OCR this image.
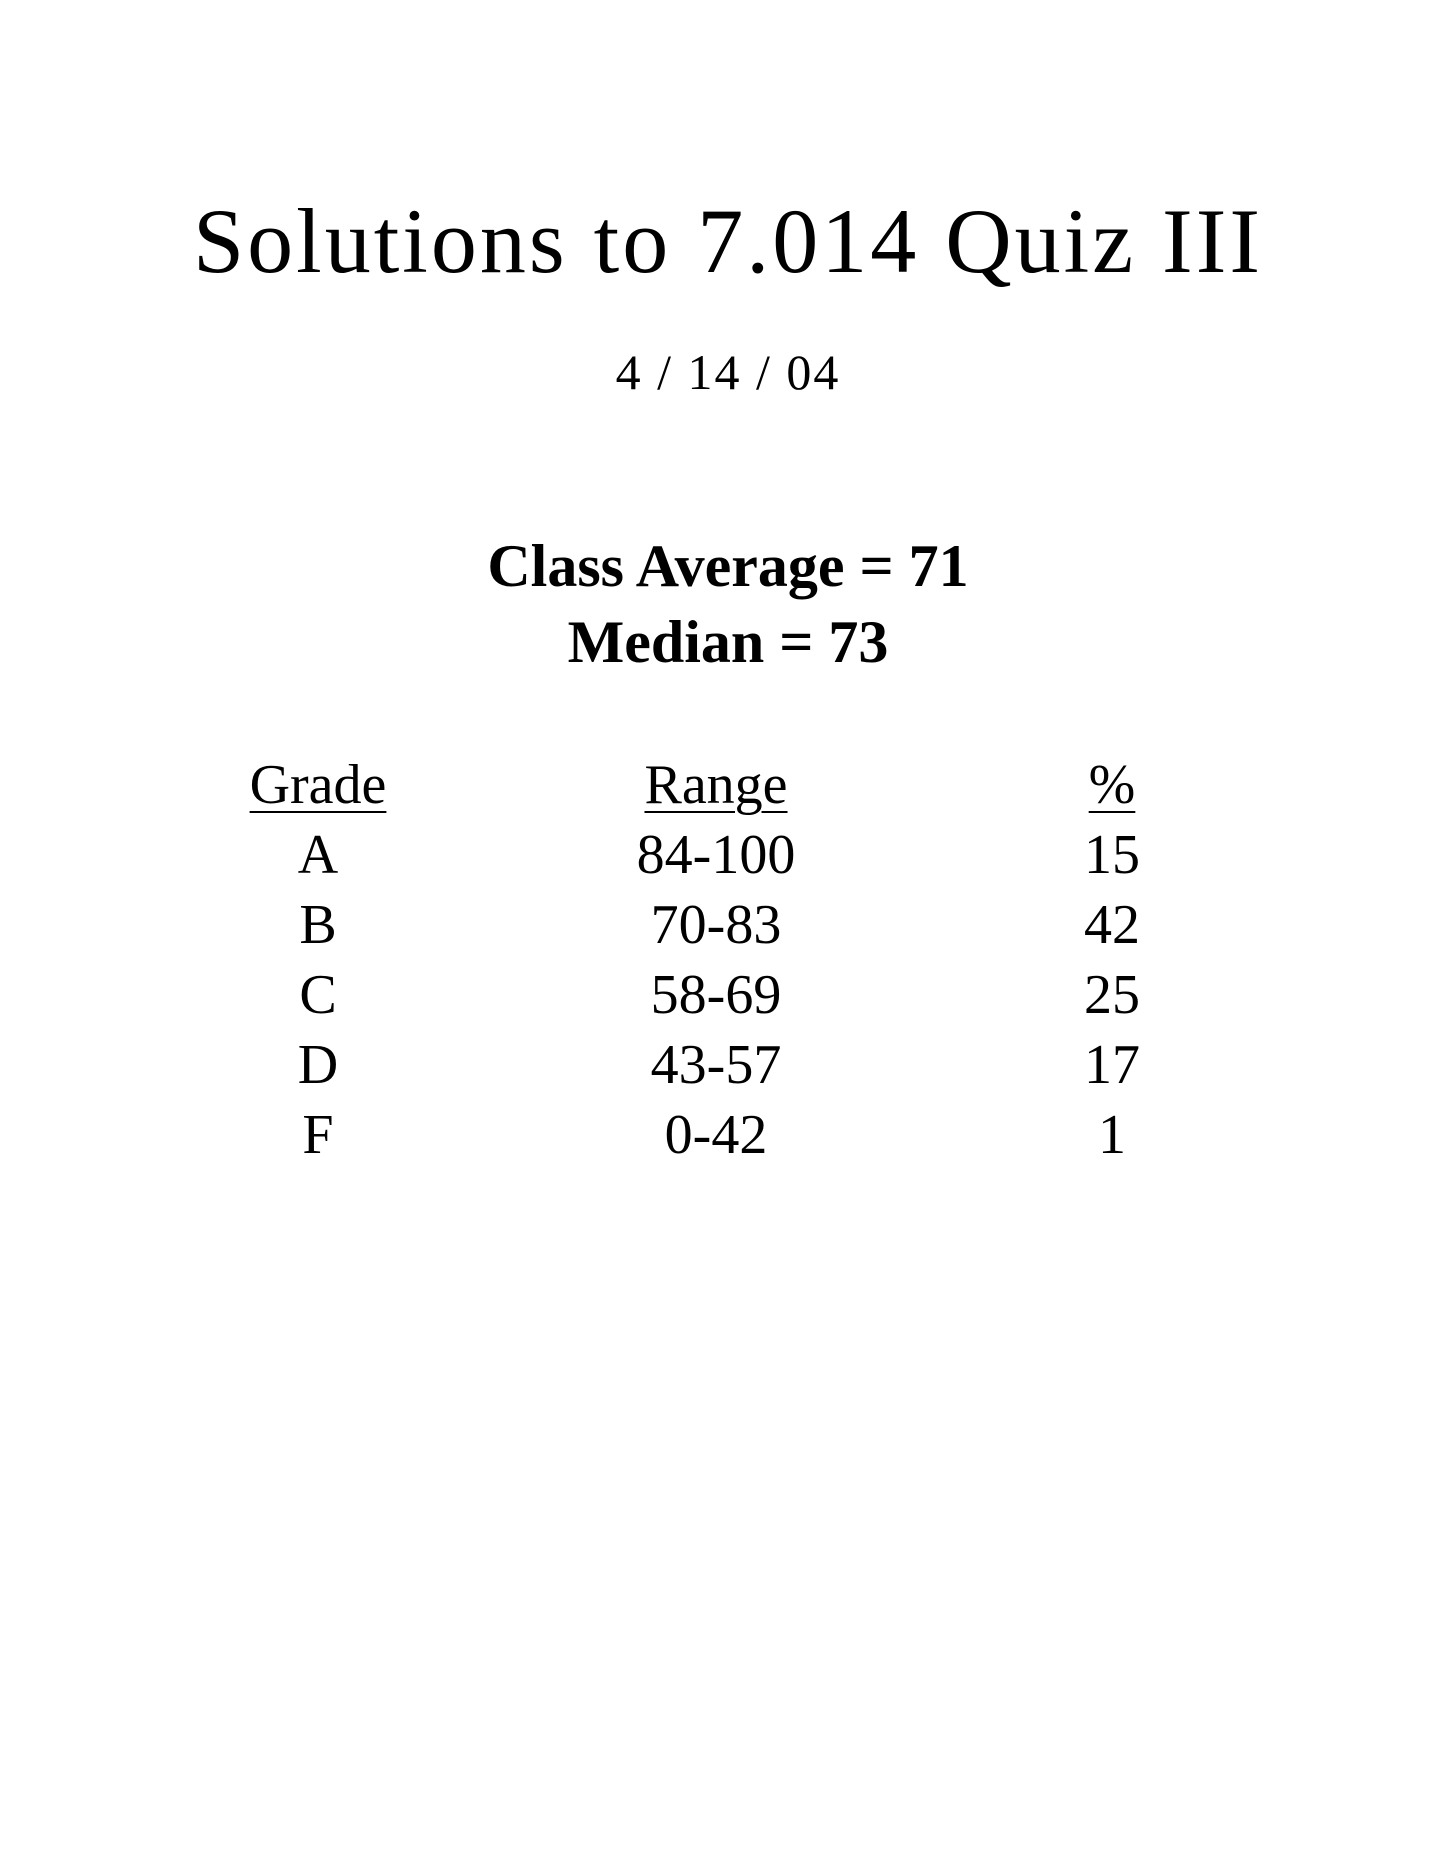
Solutions to 7.014 Quiz III
4 / 14 / 04
Class Average = 71
Median = 73
Grade	Range	%
A	84-100	15
B	70-83	42
C	58-69	25
D	43-57	17
F	0-42	1
